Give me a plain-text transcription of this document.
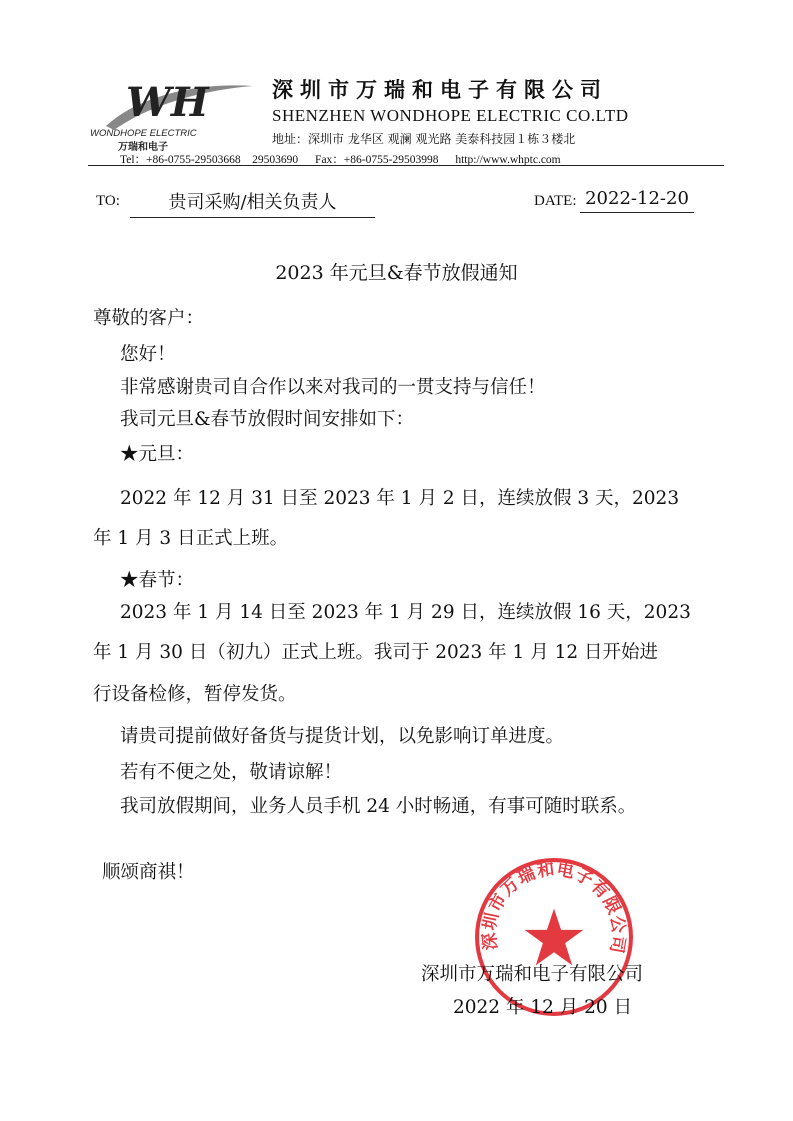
WH
WONDHOPE ELECTRIC
万瑞和电子
深圳市万瑞和电子有限公司
SHENZHEN WONDHOPE ELECTRIC CO.LTD
地址：深圳市 龙华区 观澜 观光路 美泰科技园１栋３楼北
Tel：+86-0755-29503668　29503690 Fax：+86-0755-29503998 http://www.whptc.com
TO:	贵司采购/相关负责人	DATE: 2022-12-20
2023 年元旦&春节放假通知
尊敬的客户：
您好！
非常感谢贵司自合作以来对我司的一贯支持与信任！
我司元旦&春节放假时间安排如下：
★元旦：
2022 年 12 月 31 日至 2023 年 1 月 2 日，连续放假 3 天，2023
年 1 月 3 日正式上班。
★春节：
2023 年 1 月 14 日至 2023 年 1 月 29 日，连续放假 16 天，2023
年 1 月 30 日（初九）正式上班。我司于 2023 年 1 月 12 日开始进
行设备检修，暂停发货。
请贵司提前做好备货与提货计划，以免影响订单进度。
若有不便之处，敬请谅解！
我司放假期间，业务人员手机 24 小时畅通，有事可随时联系。
顺颂商祺！
深圳市万瑞和电子有限公司
深圳市万瑞和电子有限公司
2022 年 12 月 20 日
